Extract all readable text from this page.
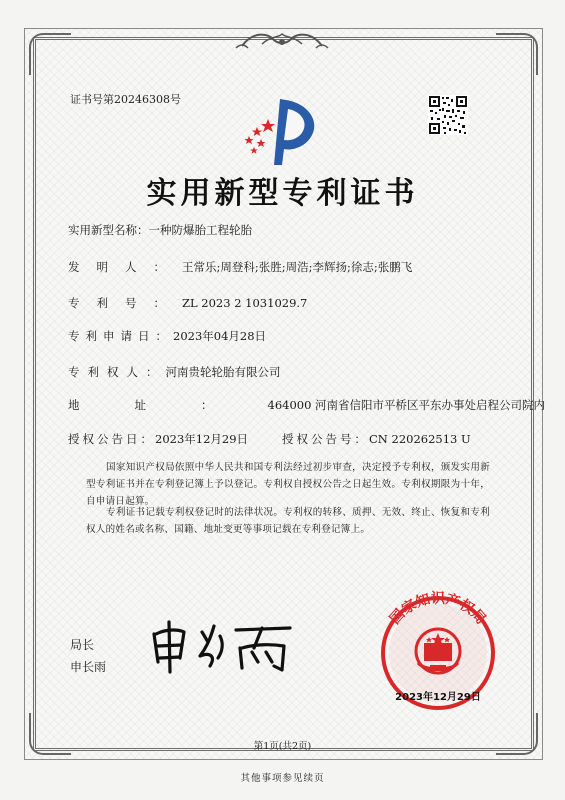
证书号第20246308号
实用新型专利证书
实用新型名称：一种防爆胎工程轮胎
发明人：王常乐;周登科;张胜;周浩;李辉扬;徐志;张鹏飞
专利号：ZL 2023 2 1031029.7
专利申请日：2023年04月28日
专利权人：河南贵轮轮胎有限公司
地址：464000 河南省信阳市平桥区平东办事处启程公司院内
授权公告日：2023年12月29日	授权公告号：CN 220262513 U
国家知识产权局依照中华人民共和国专利法经过初步审查，决定授予专利权，颁发实用新型专利证书并在专利登记簿上予以登记。专利权自授权公告之日起生效。专利权期限为十年，自申请日起算。
专利证书记载专利权登记时的法律状况。专利权的转移、质押、无效、终止、恢复和专利权人的姓名或名称、国籍、地址变更等事项记载在专利登记簿上。
局长
申长雨
国家知识产权局
2023年12月29日
第1页(共2页)
其他事项参见续页
